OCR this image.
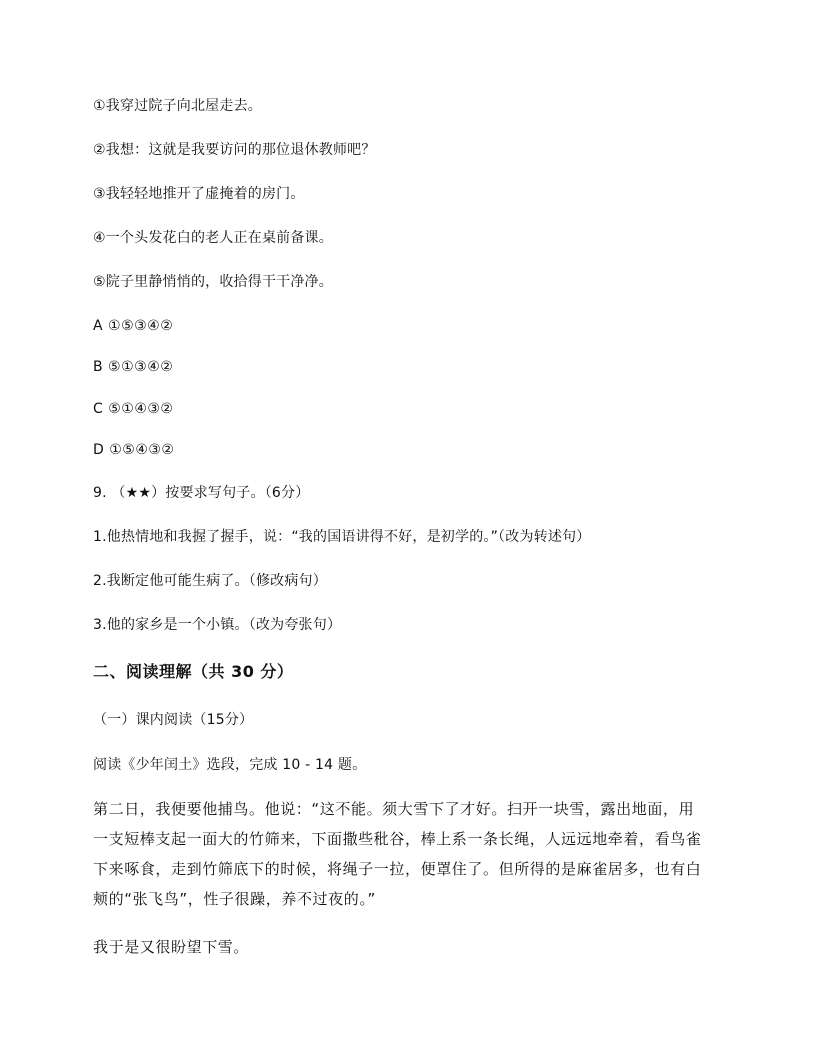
①我穿过院子向北屋走去。
②我想：这就是我要访问的那位退休教师吧？
③我轻轻地推开了虚掩着的房门。
④一个头发花白的老人正在桌前备课。
⑤院子里静悄悄的，收拾得干干净净。
A ①⑤③④②
B ⑤①③④②
C ⑤①④③②
D ①⑤④③②
9. （★★）按要求写句子。（6分）
1.他热情地和我握了握手，说：“我的国语讲得不好，是初学的。”（改为转述句）
2.我断定他可能生病了。（修改病句）
3.他的家乡是一个小镇。（改为夸张句）
二、阅读理解（共 30 分）
（一）课内阅读（15分）
阅读《少年闰土》选段，完成 10 - 14 题。
第二日，我便要他捕鸟。他说：“这不能。须大雪下了才好。扫开一块雪，露出地面，用
一支短棒支起一面大的竹筛来，下面撒些秕谷，棒上系一条长绳，人远远地牵着，看鸟雀
下来啄食，走到竹筛底下的时候，将绳子一拉，便罩住了。但所得的是麻雀居多，也有白
颊的“张飞鸟”，性子很躁，养不过夜的。”
我于是又很盼望下雪。
